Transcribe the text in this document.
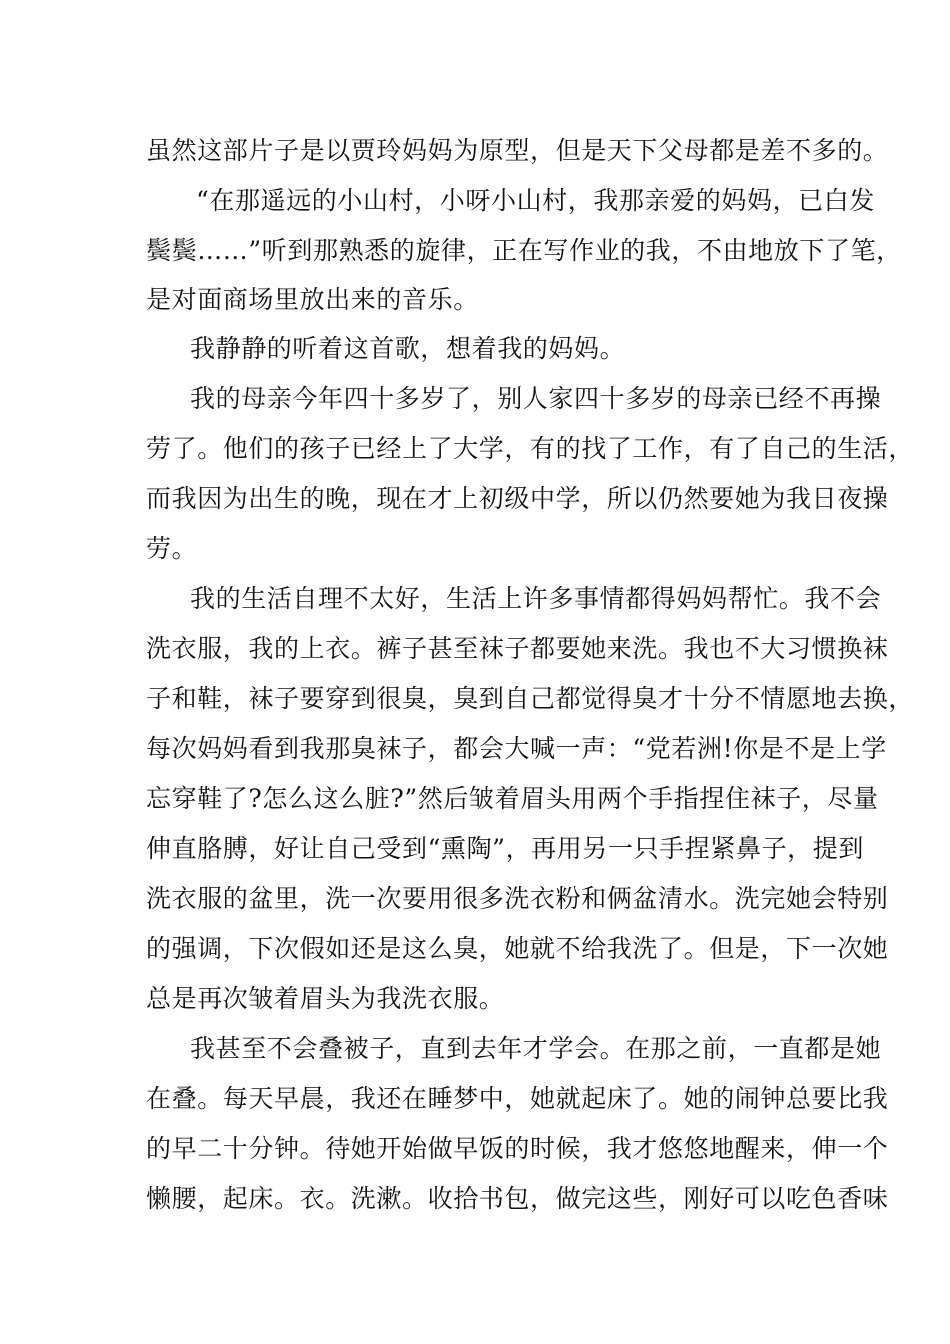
虽然这部片子是以贾玲妈妈为原型，但是天下父母都是差不多的。
“在那遥远的小山村，小呀小山村，我那亲爱的妈妈，已白发
鬓鬓……”听到那熟悉的旋律，正在写作业的我，不由地放下了笔，
是对面商场里放出来的音乐。
我静静的听着这首歌，想着我的妈妈。
我的母亲今年四十多岁了，别人家四十多岁的母亲已经不再操
劳了。他们的孩子已经上了大学，有的找了工作，有了自己的生活，
而我因为出生的晚，现在才上初级中学，所以仍然要她为我日夜操
劳。
我的生活自理不太好，生活上许多事情都得妈妈帮忙。我不会
洗衣服，我的上衣。裤子甚至袜子都要她来洗。我也不大习惯换袜
子和鞋，袜子要穿到很臭，臭到自己都觉得臭才十分不情愿地去换，
每次妈妈看到我那臭袜子，都会大喊一声：“党若洲!你是不是上学
忘穿鞋了?怎么这么脏?”然后皱着眉头用两个手指捏住袜子，尽量
伸直胳膊，好让自己受到“熏陶”，再用另一只手捏紧鼻子，提到
洗衣服的盆里，洗一次要用很多洗衣粉和俩盆清水。洗完她会特别
的强调，下次假如还是这么臭，她就不给我洗了。但是，下一次她
总是再次皱着眉头为我洗衣服。
我甚至不会叠被子，直到去年才学会。在那之前，一直都是她
在叠。每天早晨，我还在睡梦中，她就起床了。她的闹钟总要比我
的早二十分钟。待她开始做早饭的时候，我才悠悠地醒来，伸一个
懒腰，起床。衣。洗漱。收拾书包，做完这些，刚好可以吃色香味
